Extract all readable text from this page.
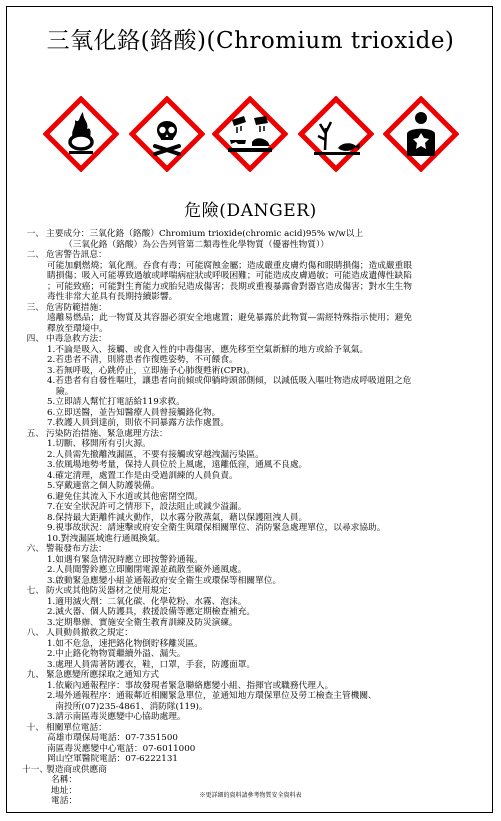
三氧化鉻(鉻酸)(Chromium trioxide)
危險(DANGER)
一、 主要成分：三氧化鉻（鉻酸）Chromium trioxide(chromic acid)95% w/w以上
（三氧化鉻（鉻酸）為公告列管第二類毒性化學物質（優審性物質））
二、 危害警告訊息：
可能加劇燃燒；氧化劑。吞食有毒；可能腐蝕金屬；造成嚴重皮膚灼傷和眼睛損傷；造成嚴重眼
睛損傷；吸入可能導致過敏或哮喘病症狀或呼吸困難；可能造成皮膚過敏；可能造成遺傳性缺陷
；可能致癌；可能對生育能力或胎兒造成傷害；長期或重複暴露會對器官造成傷害；對水生生物
毒性非常大並具有長期持續影響。
三、 危害防範措施：
遠離易燃品；此一物質及其容器必須安全地處置；避免暴露於此物質—需經特殊指示使用；避免
釋放至環境中。
四、 中毒急救方法：
1.不論是吸入、接觸、或食入性的中毒傷害，應先移至空氣新鮮的地方或給予氧氣。
2.若患者不清，則將患者作復甦姿勢，不可餵食。
3.若無呼吸，心跳停止，立即施予心肺復甦術(CPR)。
4.若患者有自發性嘔吐，讓患者向前傾或仰躺時頭部側傾，以減低吸入嘔吐物造成呼吸道阻之危
險。
5.立即請人幫忙打電話給119求救。
6.立即送醫，並告知醫療人員曾接觸鉻化物。
7.救護人員到達前，則依不同暴露方法作處置。
五、 污染防治措施、緊急處理方法：
1.切斷、移開所有引火源。
2.人員需先撤離洩漏區，不要有接觸或穿越洩漏污染區。
3.依風場地勢考量，保持人員位於上風處，遠離低窪，通風不良處。
4.確定清理，處置工作是由受過訓練的人員負責。
5.穿戴適當之個人防護裝備。
6.避免住其流入下水道或其他密閉空間。
7.在安全狀況許可之情形下，設法阻止或減少溢漏。
8.保持最大距離件減火動作，以水霧分散蒸氣，藉以保護阻洩人員。
9.視事故狀況：請速擊或府安全衛生與環保相關單位、消防緊急處理單位，以尋求協助。
10.對洩漏區域進行通風換氣。
六、 警報發布方法：
1.如遇有緊急情況時應立即按警鈴通報。
2.人員聞警鈴應立即關閉電源並疏散至廠外通風處。
3.啟動緊急應變小組並通報政府安全衛生或環保等相關單位。
七、 防火或其他防災器材之使用規定：
1.適用滅火劑：二氧化碳、化學乾粉、水霧、泡沫。
2.滅火器、個人防護具，救援設備等應定期檢查補充。
3.定期舉辦、實施安全衛生教育訓練及防災演練。
八、 人員動員撤救之規定：
1.如不危急，速把鉻化物倒貯移離災區。
2.中止鉻化物物質繼續外溢、漏失。
3.處理人員需著防護衣，鞋，口罩，手套，防護面罩。
九、 緊急應變所應採取之通知方式
1.依廠內通報程序：事故發現者緊急聯絡應變小組、指揮官或職務代理人。
2.場外通報程序：通報鄰近相關緊急單位，並通知地方環保單位及勞工檢查主管機關、
南投所(07)235-4861、消防隊(119)。
3.請示南區毒災應變中心協助處理。
十、 相關單位電話：
高雄市環保局電話：07-7351500
南區毒災應變中心電話：07-6011000
岡山空軍醫院電話：07-6222131
十一、
製造商或供應商
名稱：
地址：
電話：
※更詳細的資料請參考物質安全資料表
